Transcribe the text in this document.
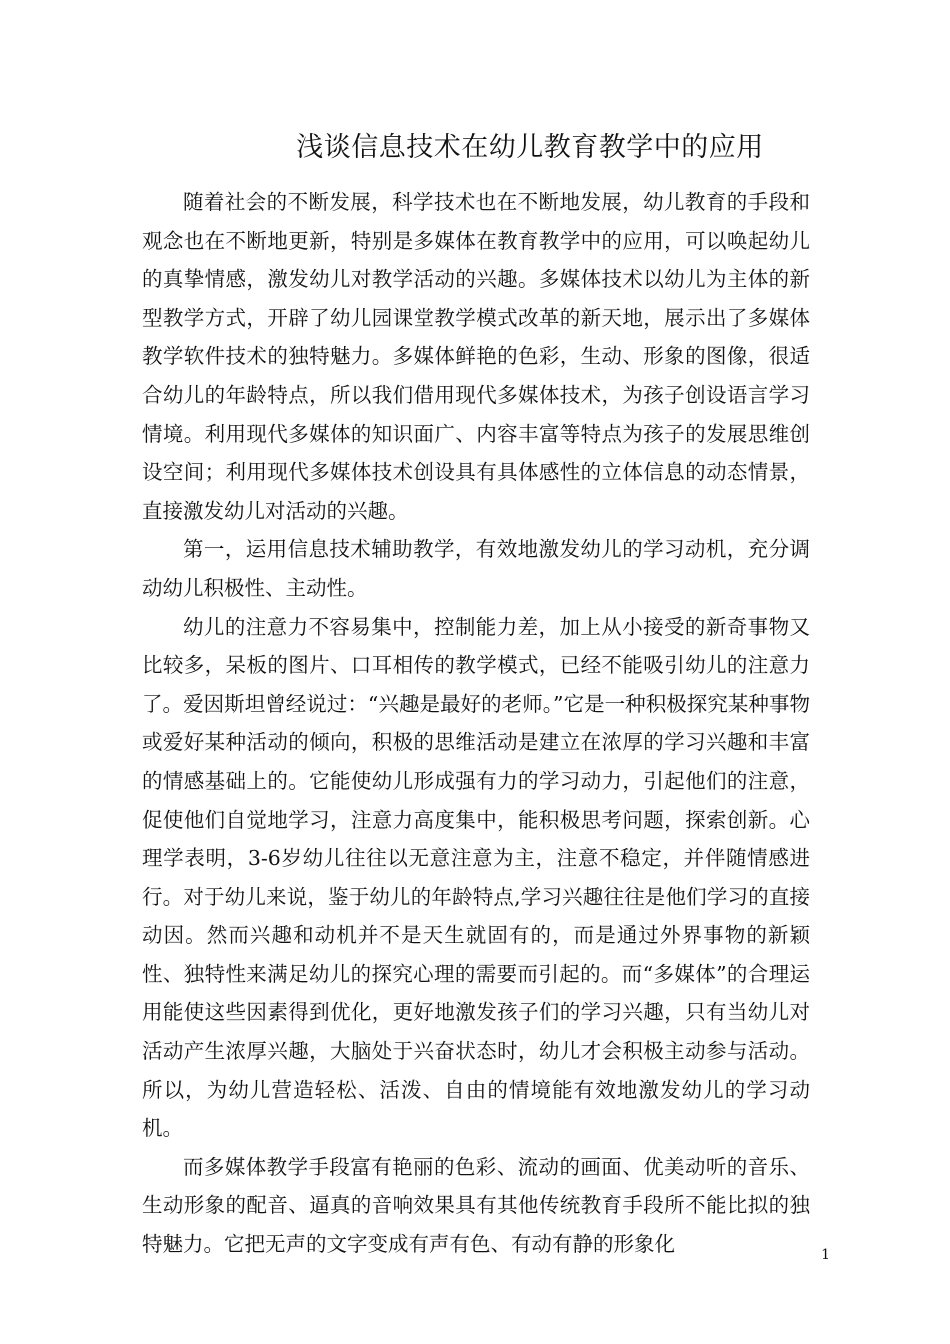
浅谈信息技术在幼儿教育教学中的应用

随着社会的不断发展，科学技术也在不断地发展，幼儿教育的手段和观念也在不断地更新，特别是多媒体在教育教学中的应用，可以唤起幼儿的真挚情感，激发幼儿对教学活动的兴趣。多媒体技术以幼儿为主体的新型教学方式，开辟了幼儿园课堂教学模式改革的新天地，展示出了多媒体教学软件技术的独特魅力。多媒体鲜艳的色彩，生动、形象的图像，很适合幼儿的年龄特点，所以我们借用现代多媒体技术，为孩子创设语言学习情境。利用现代多媒体的知识面广、内容丰富等特点为孩子的发展思维创设空间；利用现代多媒体技术创设具有具体感性的立体信息的动态情景，直接激发幼儿对活动的兴趣。

第一，运用信息技术辅助教学，有效地激发幼儿的学习动机，充分调动幼儿积极性、主动性。

幼儿的注意力不容易集中，控制能力差，加上从小接受的新奇事物又比较多，呆板的图片、口耳相传的教学模式，已经不能吸引幼儿的注意力了。爱因斯坦曾经说过：“兴趣是最好的老师。”它是一种积极探究某种事物或爱好某种活动的倾向，积极的思维活动是建立在浓厚的学习兴趣和丰富的情感基础上的。它能使幼儿形成强有力的学习动力，引起他们的注意，促使他们自觉地学习，注意力高度集中，能积极思考问题，探索创新。心理学表明，3-6岁幼儿往往以无意注意为主，注意不稳定，并伴随情感进行。对于幼儿来说，鉴于幼儿的年龄特点,学习兴趣往往是他们学习的直接动因。然而兴趣和动机并不是天生就固有的，而是通过外界事物的新颖性、独特性来满足幼儿的探究心理的需要而引起的。而“多媒体”的合理运用能使这些因素得到优化，更好地激发孩子们的学习兴趣，只有当幼儿对活动产生浓厚兴趣，大脑处于兴奋状态时，幼儿才会积极主动参与活动。所以，为幼儿营造轻松、活泼、自由的情境能有效地激发幼儿的学习动机。

而多媒体教学手段富有艳丽的色彩、流动的画面、优美动听的音乐、生动形象的配音、逼真的音响效果具有其他传统教育手段所不能比拟的独特魅力。它把无声的文字变成有声有色、有动有静的形象化	1
